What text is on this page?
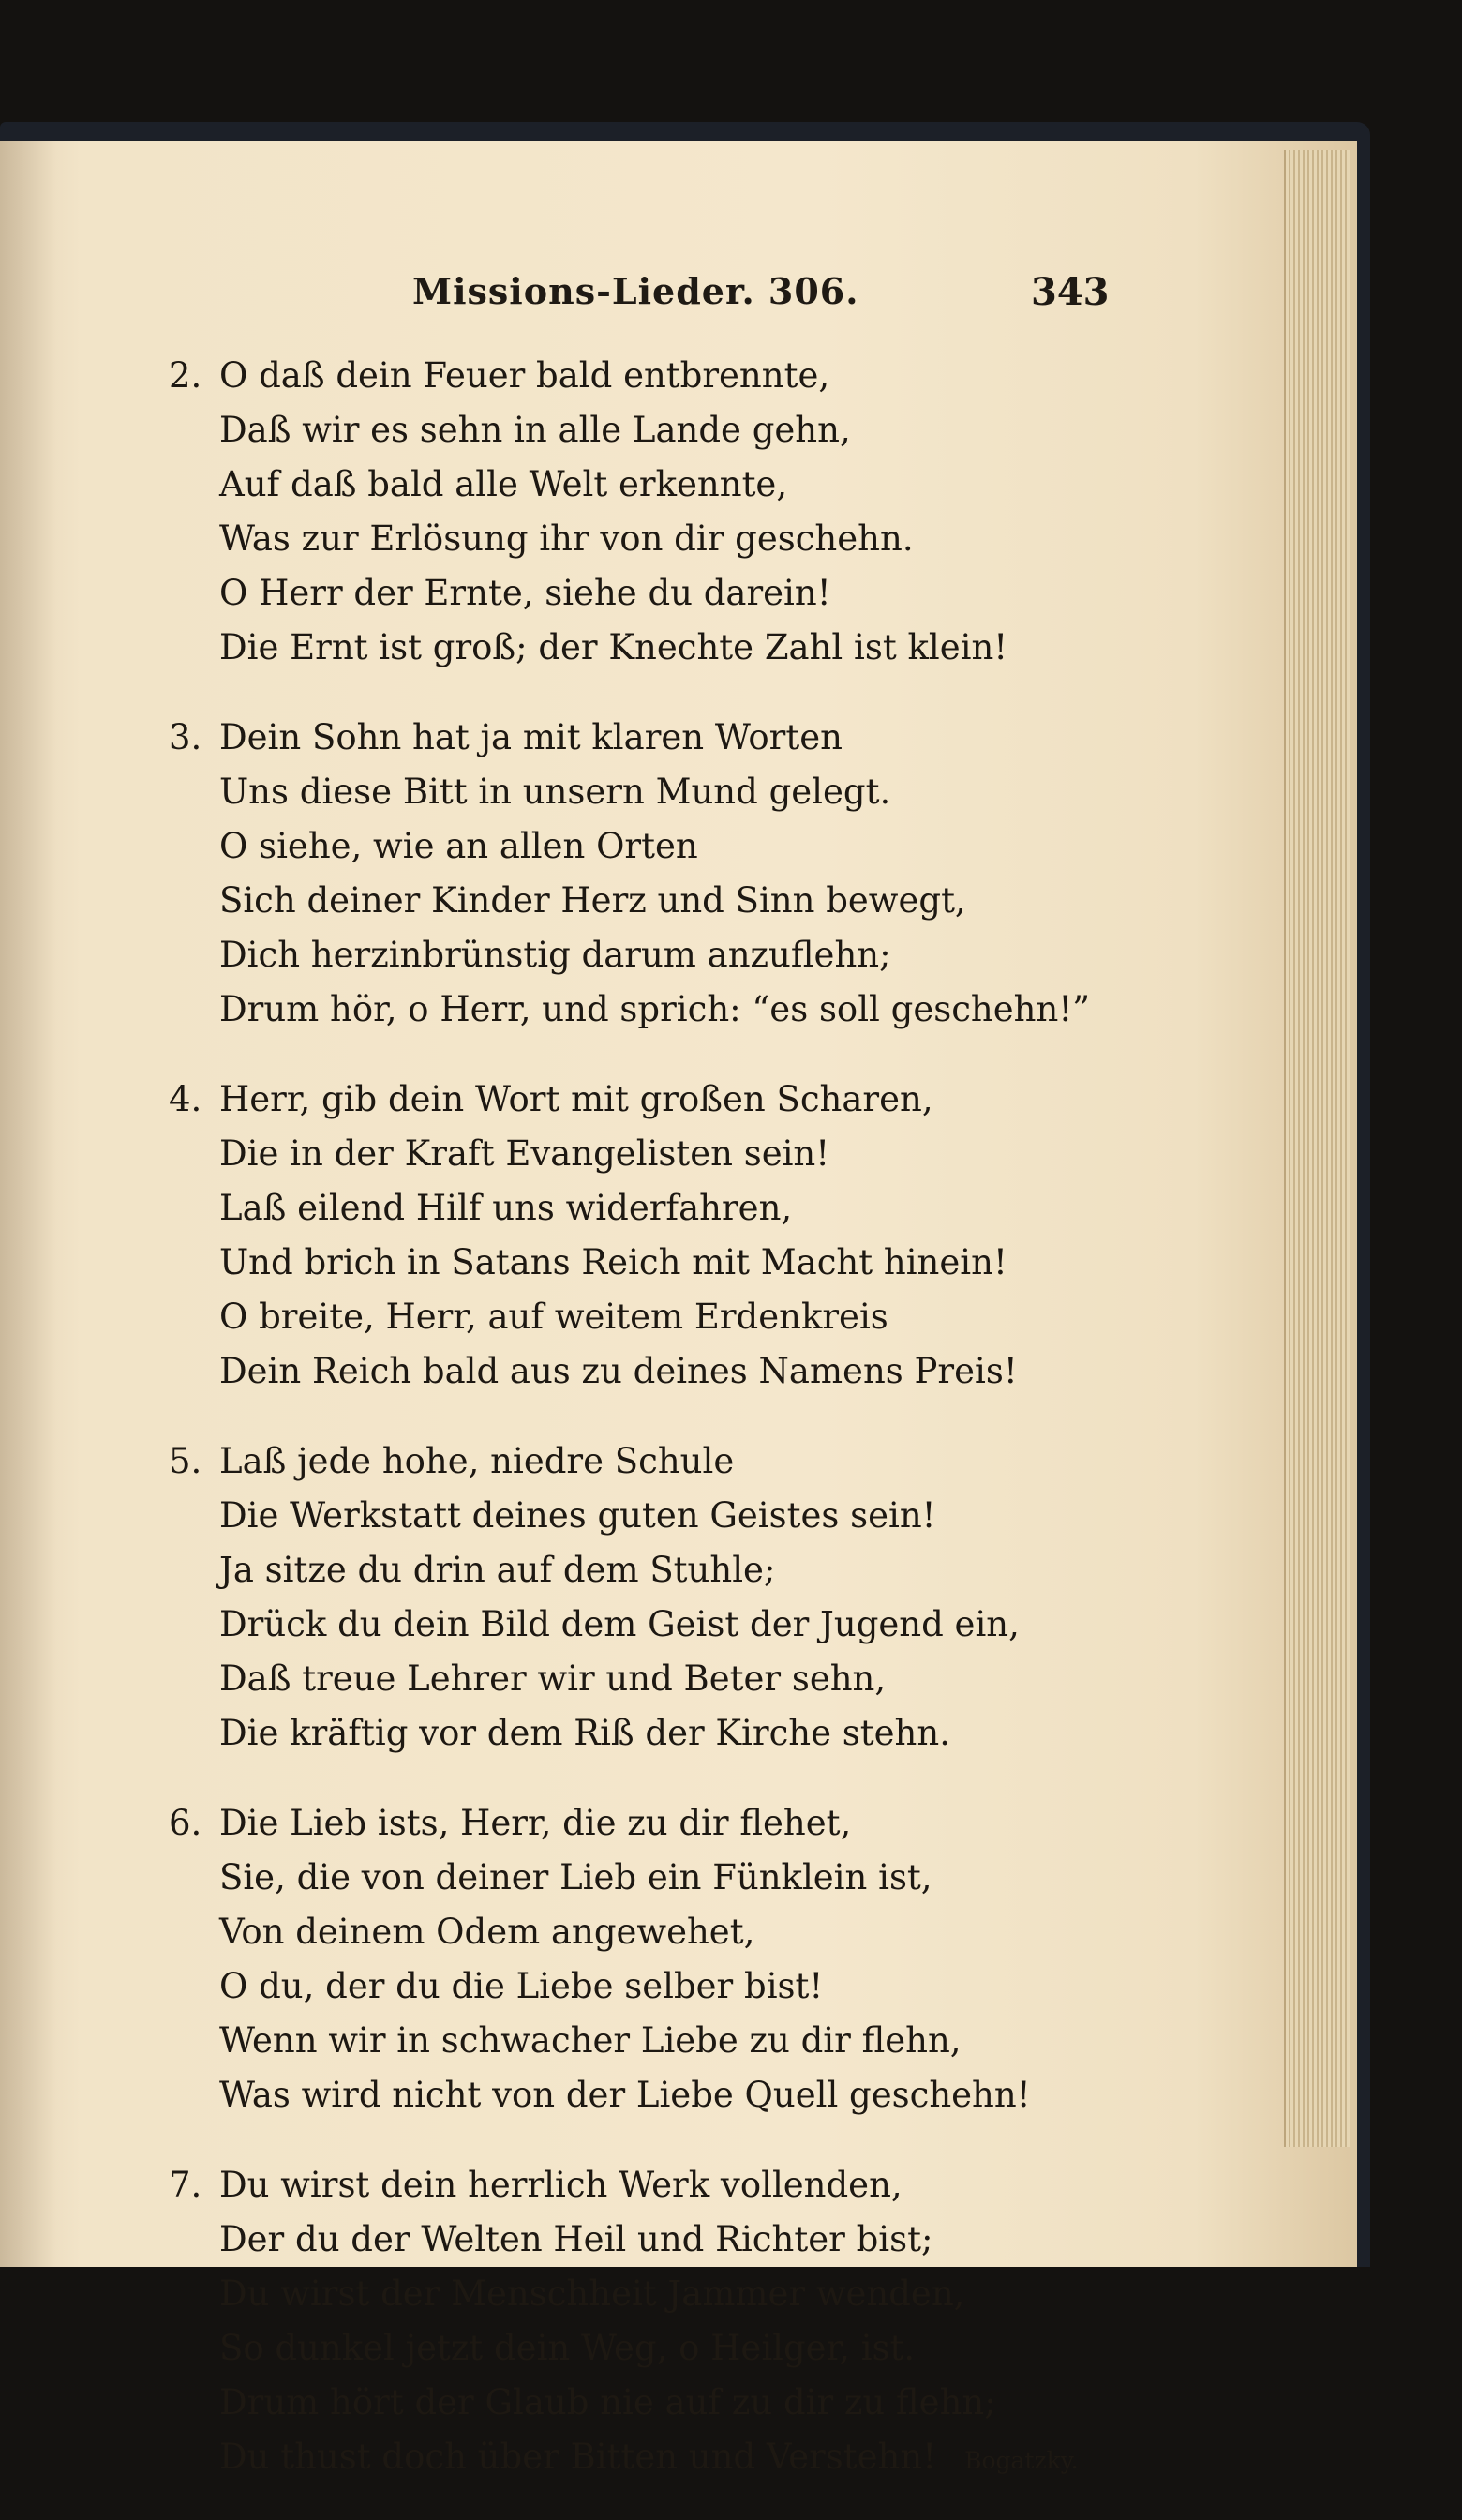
Missions-Lieder. 306.	343
2. O daß dein Feuer bald entbrennte,
Daß wir es sehn in alle Lande gehn,
Auf daß bald alle Welt erkennte,
Was zur Erlösung ihr von dir geschehn.
O Herr der Ernte, siehe du darein!
Die Ernt ist groß; der Knechte Zahl ist klein!
3. Dein Sohn hat ja mit klaren Worten
Uns diese Bitt in unsern Mund gelegt.
O siehe, wie an allen Orten
Sich deiner Kinder Herz und Sinn bewegt,
Dich herzinbrünstig darum anzuflehn;
Drum hör, o Herr, und sprich: “es soll geschehn!”
4. Herr, gib dein Wort mit großen Scharen,
Die in der Kraft Evangelisten sein!
Laß eilend Hilf uns widerfahren,
Und brich in Satans Reich mit Macht hinein!
O breite, Herr, auf weitem Erdenkreis
Dein Reich bald aus zu deines Namens Preis!
5. Laß jede hohe, niedre Schule
Die Werkstatt deines guten Geistes sein!
Ja sitze du drin auf dem Stuhle;
Drück du dein Bild dem Geist der Jugend ein,
Daß treue Lehrer wir und Beter sehn,
Die kräftig vor dem Riß der Kirche stehn.
6. Die Lieb ists, Herr, die zu dir flehet,
Sie, die von deiner Lieb ein Fünklein ist,
Von deinem Odem angewehet,
O du, der du die Liebe selber bist!
Wenn wir in schwacher Liebe zu dir flehn,
Was wird nicht von der Liebe Quell geschehn!
7. Du wirst dein herrlich Werk vollenden,
Der du der Welten Heil und Richter bist;
Du wirst der Menschheit Jammer wenden,
So dunkel jetzt dein Weg, o Heilger, ist.
Drum hört der Glaub nie auf zu dir zu flehn;
Du thust doch über Bitten und Verstehn! Bogatzky.
